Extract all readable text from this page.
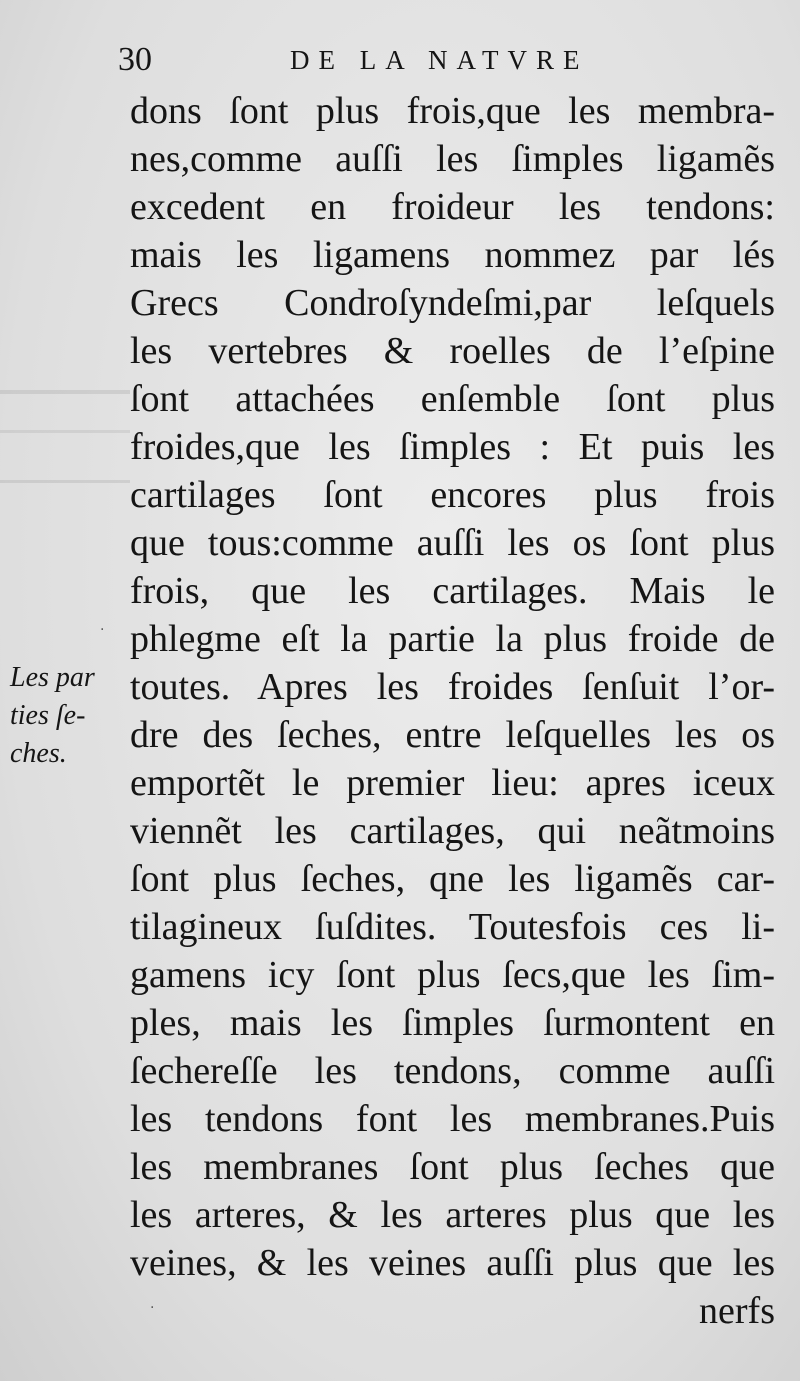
30	DE LA NATVRE
dons ſont plus frois,que les membra-
nes,comme auſſi les ſimples ligamẽs
excedent en froideur les tendons:
mais les ligamens nommez par lés
Grecs Condroſyndeſmi,par leſquels
les vertebres & roelles de l’eſpine
ſont attachées enſemble ſont plus
froides,que les ſimples : Et puis les
cartilages ſont encores plus frois
que tous:comme auſſi les os ſont plus
frois, que les cartilages. Mais le
phlegme eſt la partie la plus froide de
toutes. Apres les froides ſenſuit l’or-
dre des ſeches, entre leſquelles les os
emportẽt le premier lieu: apres iceux
viennẽt les cartilages, qui neãtmoins
ſont plus ſeches, qne les ligamẽs car-
tilagineux ſuſdites. Toutesfois ces li-
gamens icy ſont plus ſecs,que les ſim-
ples, mais les ſimples ſurmontent en
ſechereſſe les tendons, comme auſſi
les tendons font les membranes.Puis
les membranes ſont plus ſeches que
les arteres, & les arteres plus que les
veines, & les veines auſſi plus que les
nerfs
Les par
ties ſe-
ches.
·
·
